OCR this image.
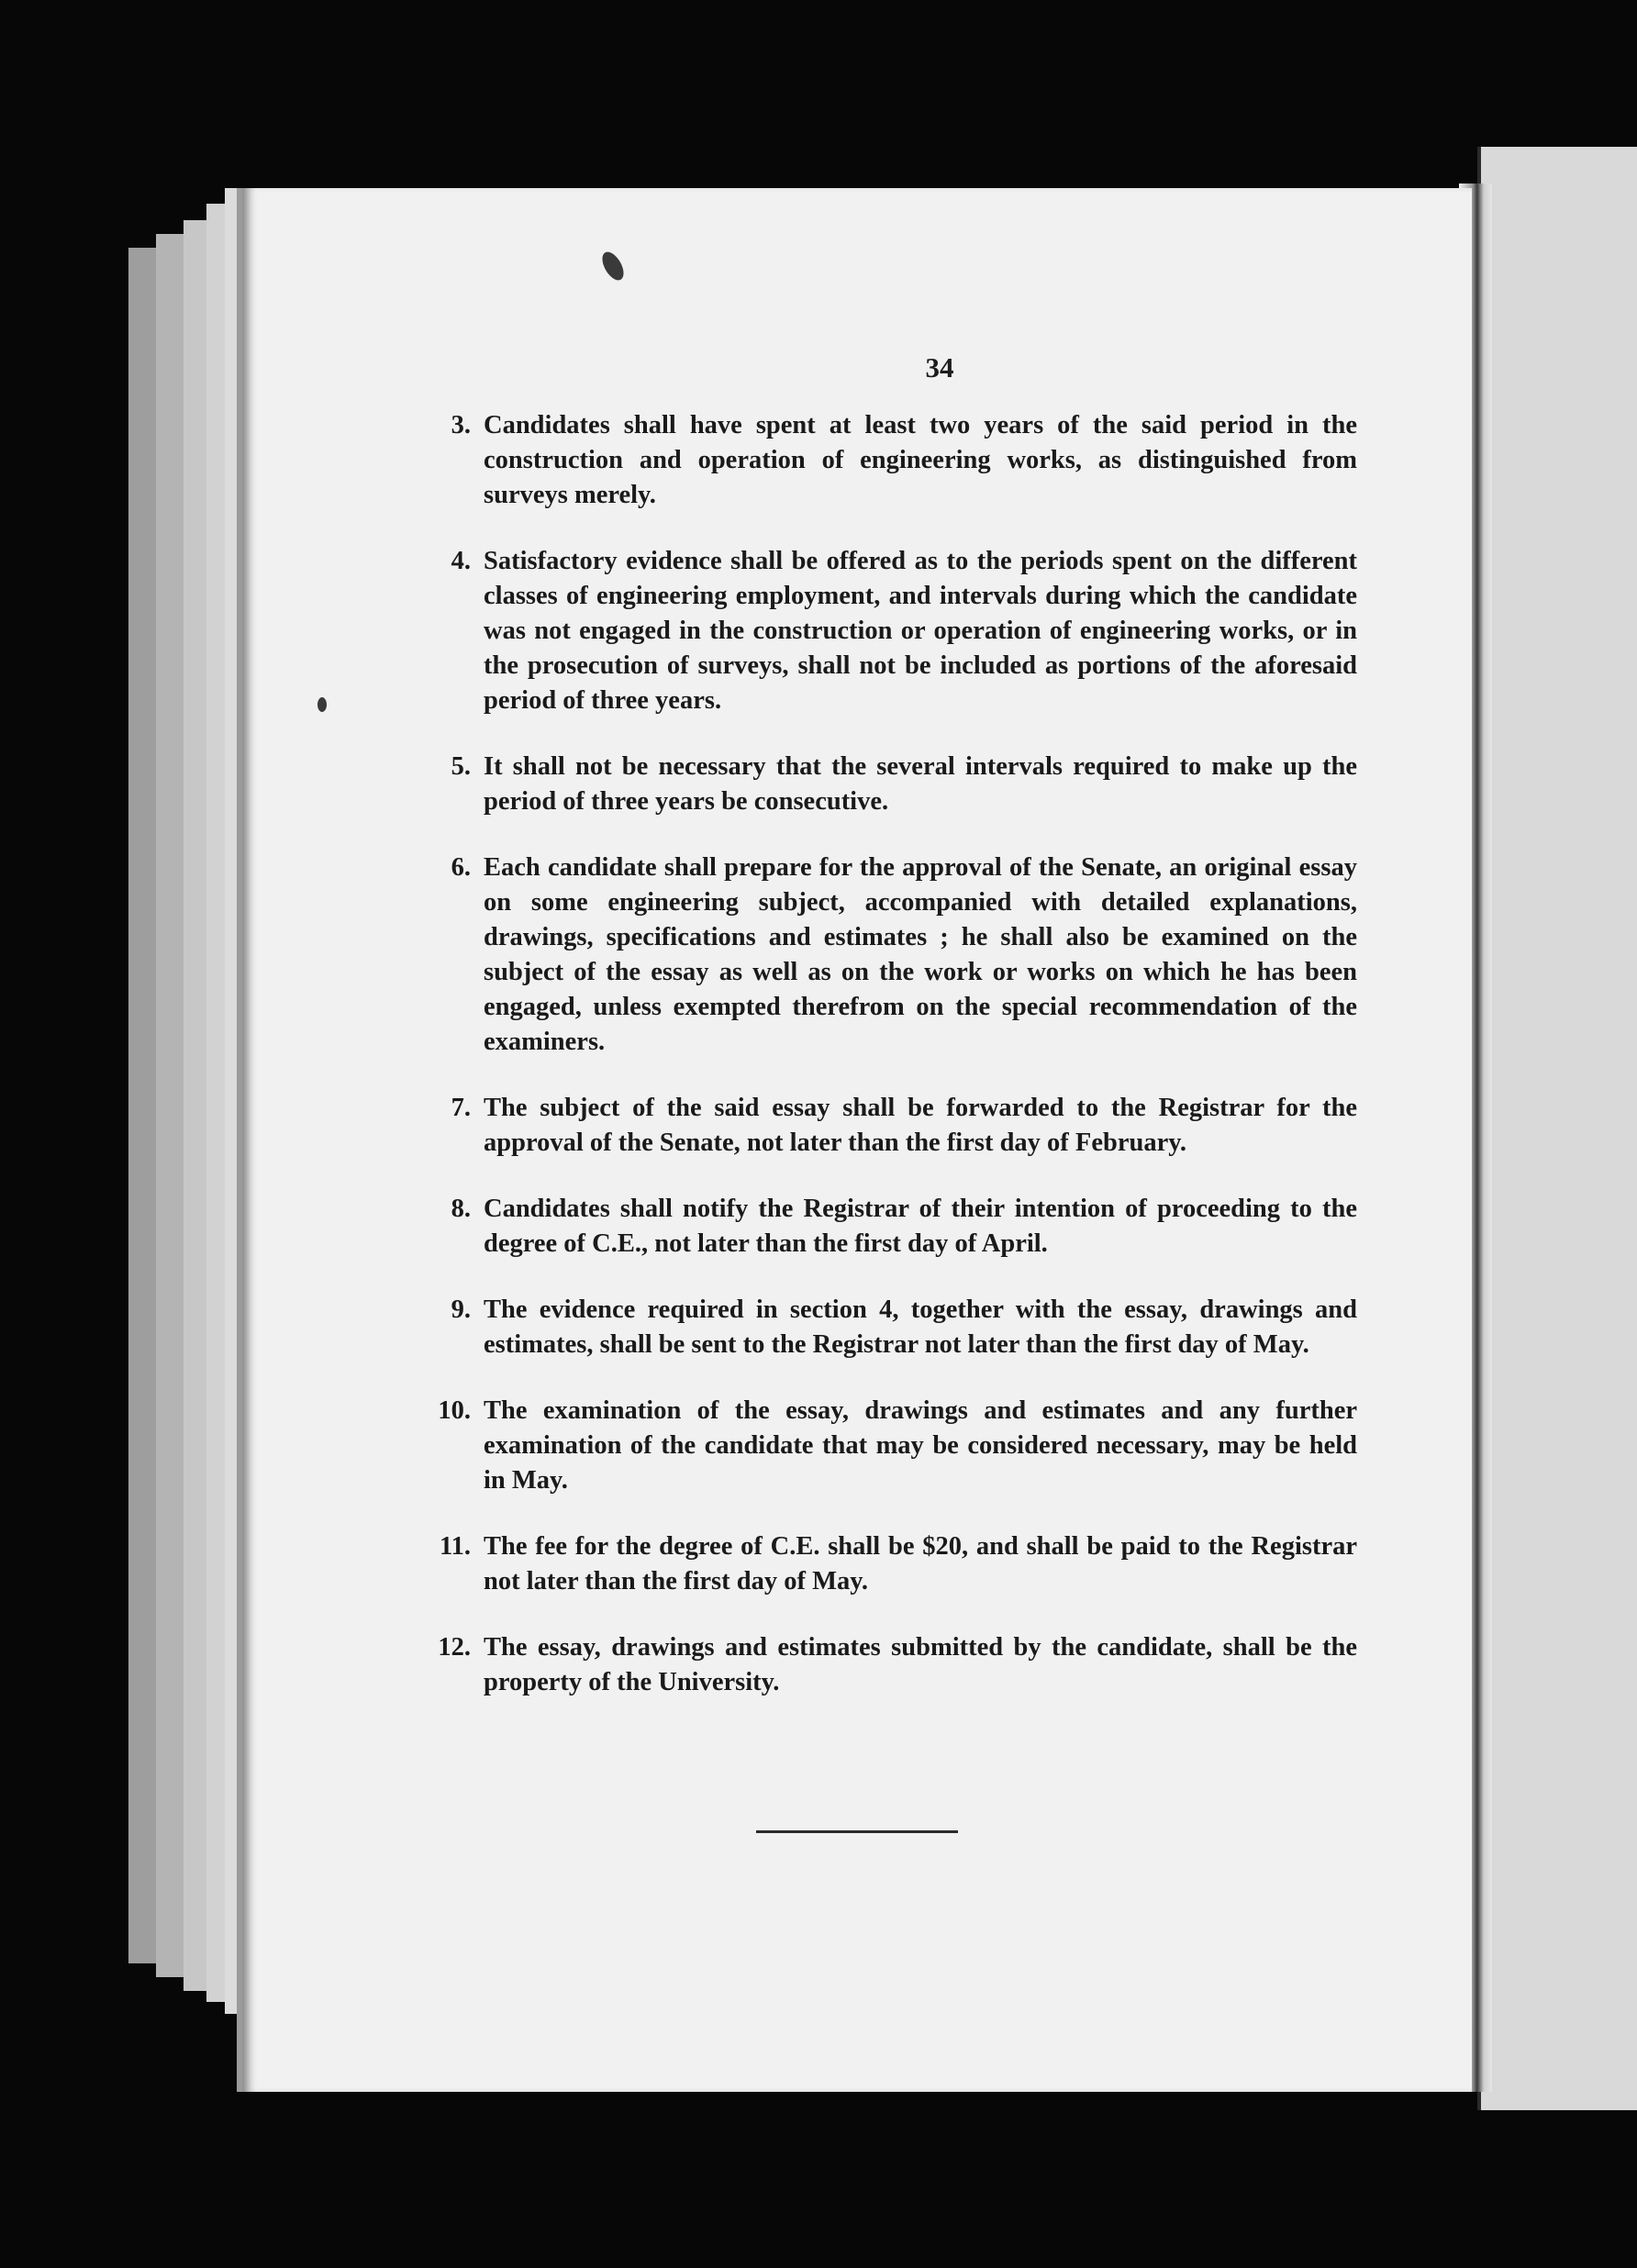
34
3. Candidates shall have spent at least two years of the said period in the construction and operation of engineering works, as distinguished from surveys merely.
4. Satisfactory evidence shall be offered as to the periods spent on the different classes of engineering employment, and intervals during which the candidate was not engaged in the construction or operation of engineering works, or in the prosecution of surveys, shall not be included as portions of the aforesaid period of three years.
5. It shall not be necessary that the several intervals required to make up the period of three years be consecutive.
6. Each candidate shall prepare for the approval of the Senate, an original essay on some engineering subject, accompanied with detailed explanations, drawings, specifications and estimates ; he shall also be examined on the subject of the essay as well as on the work or works on which he has been engaged, unless exempted therefrom on the special recommendation of the examiners.
7. The subject of the said essay shall be forwarded to the Registrar for the approval of the Senate, not later than the first day of February.
8. Candidates shall notify the Registrar of their intention of proceeding to the degree of C.E., not later than the first day of April.
9. The evidence required in section 4, together with the essay, drawings and estimates, shall be sent to the Registrar not later than the first day of May.
10. The examination of the essay, drawings and estimates and any further examination of the candidate that may be considered necessary, may be held in May.
11. The fee for the degree of C.E. shall be $20, and shall be paid to the Registrar not later than the first day of May.
12. The essay, drawings and estimates submitted by the candidate, shall be the property of the University.
